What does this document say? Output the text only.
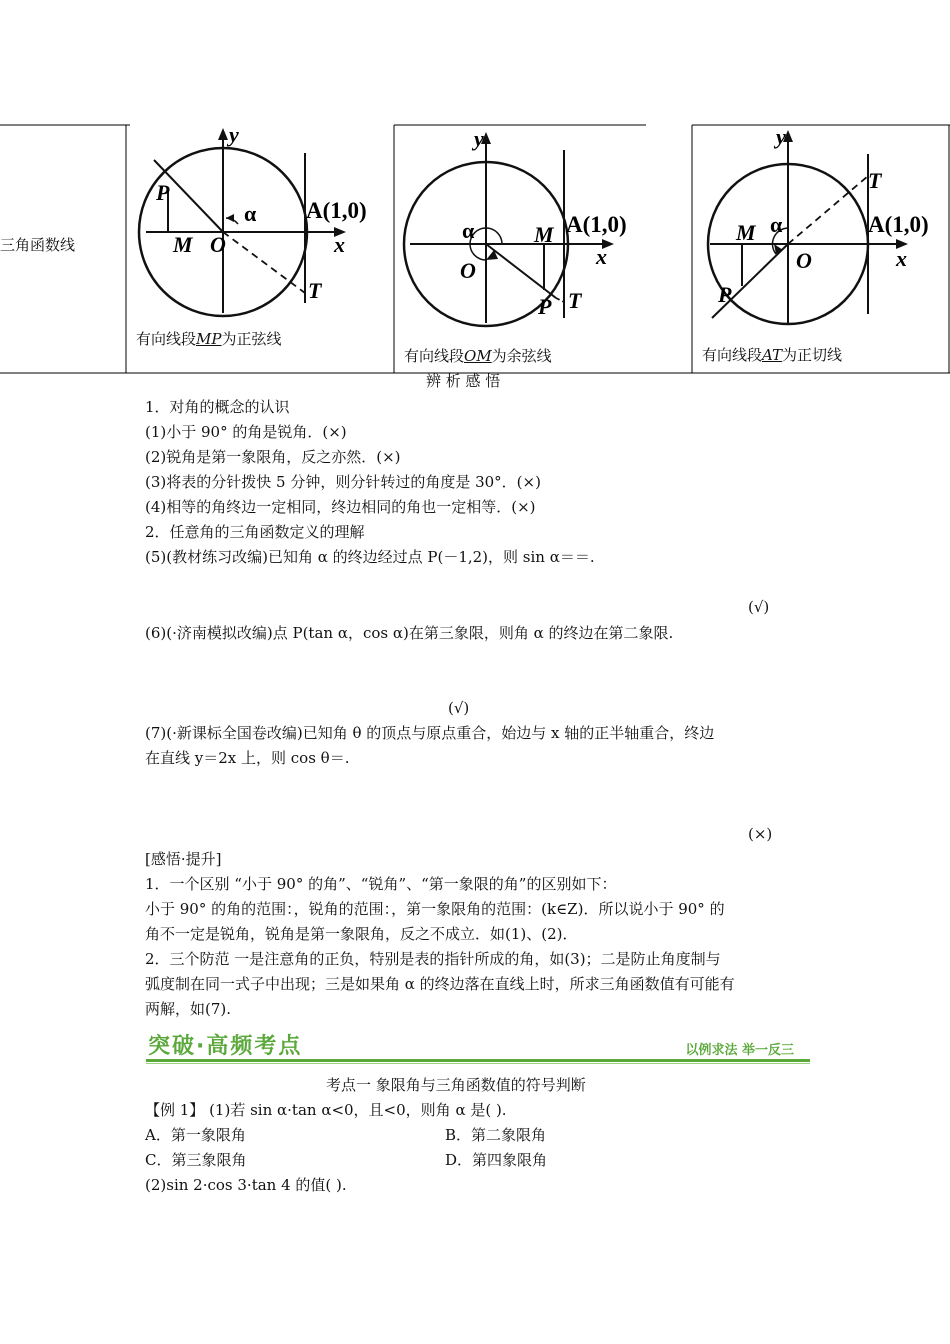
三角函数线
y
x
O
A(1,0)
M
P
T
α
有向线段MP为正弦线
y
x
O
A(1,0)
M
P T
α
有向线段OM为余弦线
y
x
O
A(1,0)
M
P
T
α
有向线段AT为正切线
辨 析 感 悟
1．对角的概念的认识
(1)小于 90° 的角是锐角．(×)
(2)锐角是第一象限角，反之亦然．(×)
(3)将表的分针拨快 5 分钟，则分针转过的角度是 30°．(×)
(4)相等的角终边一定相同，终边相同的角也一定相等．(×)
2．任意角的三角函数定义的理解
(5)(教材练习改编)已知角 α 的终边经过点 P(－1,2)，则 sin α＝＝.
(√)
(6)(·济南模拟改编)点 P(tan α，cos α)在第三象限，则角 α 的终边在第二象限.
(√)
(7)(·新课标全国卷改编)已知角 θ 的顶点与原点重合，始边与 x 轴的正半轴重合，终边
在直线 y＝2x 上，则 cos θ＝.
(×)
[感悟·提升]
1．一个区别 “小于 90° 的角”、“锐角”、“第一象限的角”的区别如下：
小于 90° 的角的范围：，锐角的范围：，第一象限角的范围：(k∈Z)．所以说小于 90° 的
角不一定是锐角，锐角是第一象限角，反之不成立．如(1)、(2)．
2．三个防范 一是注意角的正负，特别是表的指针所成的角，如(3)；二是防止角度制与
弧度制在同一式子中出现；三是如果角 α 的终边落在直线上时，所求三角函数值有可能有
两解，如(7).
突破·高频考点	以例求法 举一反三
考点一 象限角与三角函数值的符号判断
【例 1】 (1)若 sin α·tan α<0，且<0，则角 α 是( ).
A．第一象限角	B．第二象限角
C．第三象限角	D．第四象限角
(2)sin 2·cos 3·tan 4 的值( ).
